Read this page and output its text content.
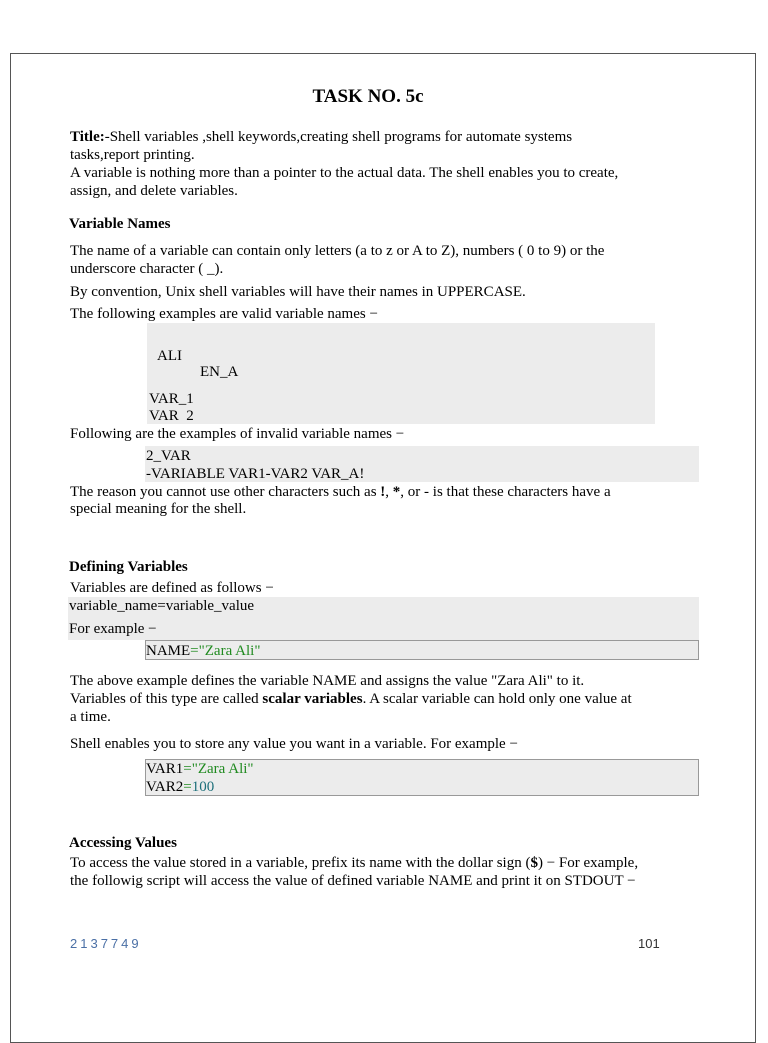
TASK NO. 5c
Title:-Shell variables ,shell keywords,creating shell programs for automate systems
tasks,report printing.
A variable is nothing more than a pointer to the actual data. The shell enables you to create,
assign, and delete variables.
Variable Names
The name of a variable can contain only letters (a to z or A to Z), numbers ( 0 to 9) or the
underscore character ( _).
By convention, Unix shell variables will have their names in UPPERCASE.
The following examples are valid variable names −
ALI
EN_A
VAR_1
VAR  2
Following are the examples of invalid variable names −
2_VAR
-VARIABLE VAR1-VAR2 VAR_A!
The reason you cannot use other characters such as !, *, or - is that these characters have a
special meaning for the shell.
Defining Variables
Variables are defined as follows −
variable_name=variable_value
For example −
NAME="Zara Ali"
The above example defines the variable NAME and assigns the value "Zara Ali" to it.
Variables of this type are called scalar variables. A scalar variable can hold only one value at
a time.
Shell enables you to store any value you want in a variable. For example −
VAR1="Zara Ali"
VAR2=100
Accessing Values
To access the value stored in a variable, prefix its name with the dollar sign ($) − For example,
the followig script will access the value of defined variable NAME and print it on STDOUT −
2137749	101
